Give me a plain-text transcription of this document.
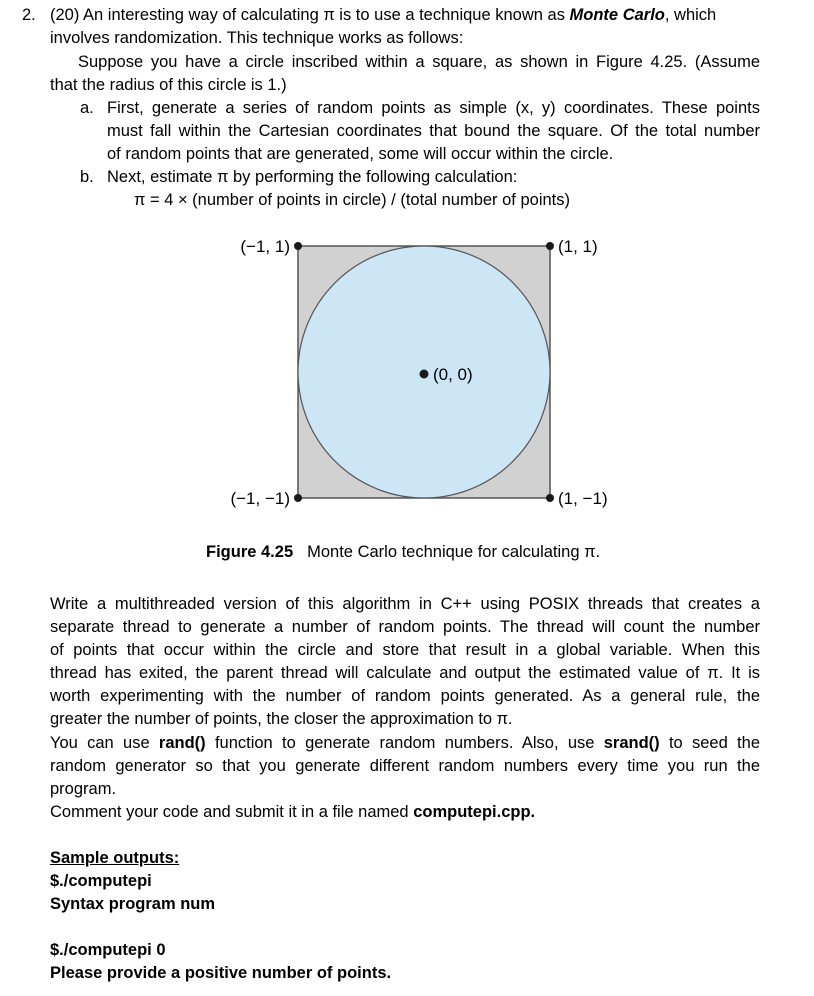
2. (20) An interesting way of calculating π is to use a technique known as Monte Carlo, which
involves randomization. This technique works as follows:
Suppose you have a circle inscribed within a square, as shown in Figure 4.25. (Assume
that the radius of this circle is 1.)
a. First, generate a series of random points as simple (x, y) coordinates. These points
must fall within the Cartesian coordinates that bound the square. Of the total number
of random points that are generated, some will occur within the circle.
b. Next, estimate π by performing the following calculation:
π = 4 × (number of points in circle) / (total number of points)
(−1, 1)	(1, 1)
(0, 0)
(−1, −1)	(1, −1)
Figure 4.25 Monte Carlo technique for calculating π.
Write a multithreaded version of this algorithm in C++ using POSIX threads that creates a
separate thread to generate a number of random points. The thread will count the number
of points that occur within the circle and store that result in a global variable. When this
thread has exited, the parent thread will calculate and output the estimated value of π. It is
worth experimenting with the number of random points generated. As a general rule, the
greater the number of points, the closer the approximation to π.
You can use rand() function to generate random numbers. Also, use srand() to seed the
random generator so that you generate different random numbers every time you run the
program.
Comment your code and submit it in a file named computepi.cpp.
Sample outputs:
$./computepi
Syntax program num
$./computepi 0
Please provide a positive number of points.
